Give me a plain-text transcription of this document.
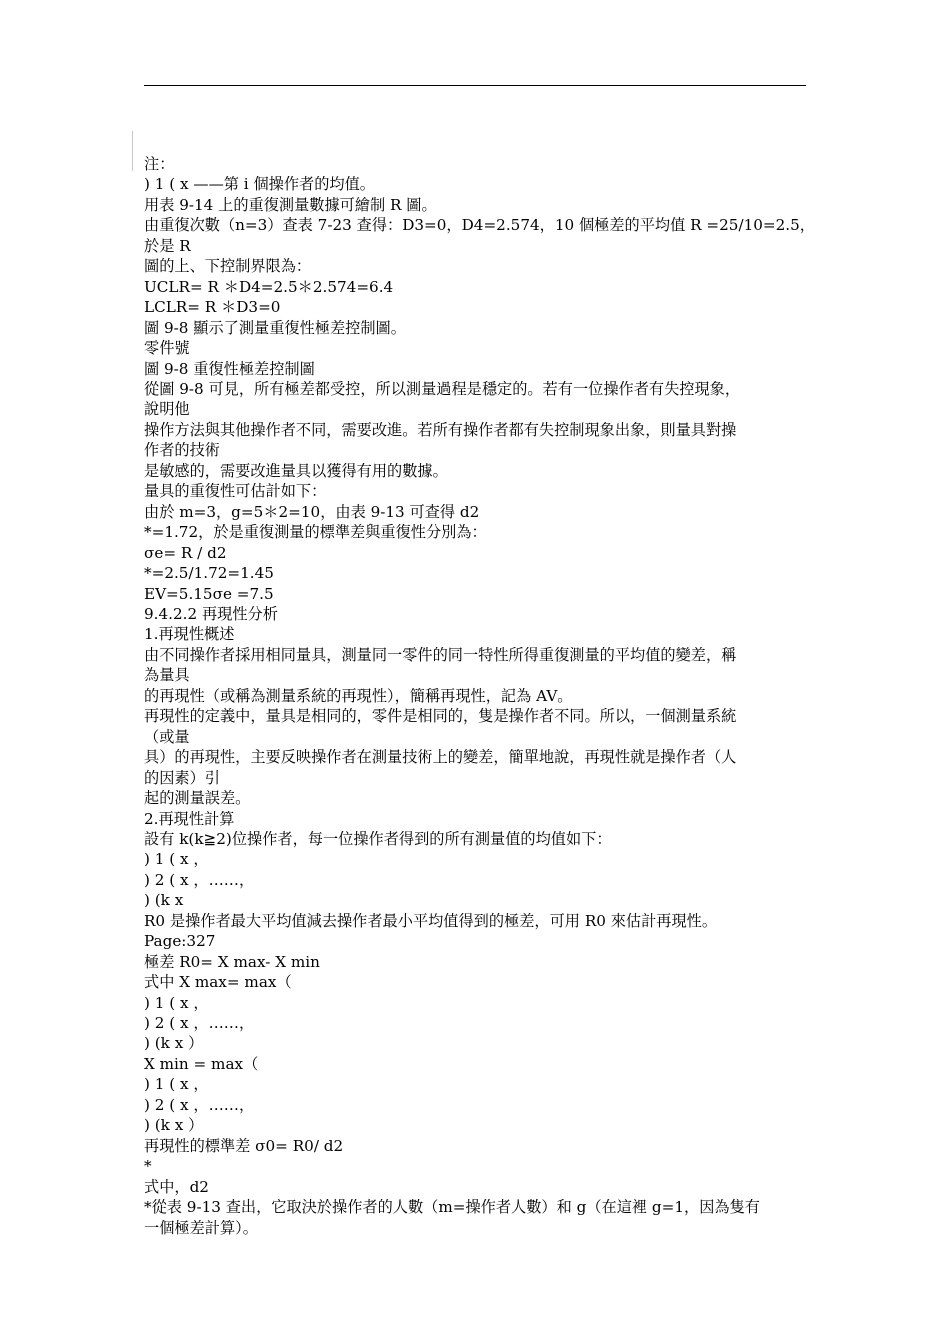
注：
) 1 ( x ——第 i 個操作者的均值。
用表 9-14 上的重復測量數據可繪制 R 圖。
由重復次數（n=3）查表 7-23 查得：D3=0，D4=2.574，10 個極差的平均值 R =25/10=2.5，
於是 R
圖的上、下控制界限為：
UCLR= R ＊D4=2.5＊2.574=6.4
LCLR= R ＊D3=0
圖 9-8 顯示了測量重復性極差控制圖。
零件號
圖 9-8 重復性極差控制圖
從圖 9-8 可見，所有極差都受控，所以測量過程是穩定的。若有一位操作者有失控現象，
說明他
操作方法與其他操作者不同，需要改進。若所有操作者都有失控制現象出象，則量具對操
作者的技術
是敏感的，需要改進量具以獲得有用的數據。
量具的重復性可估計如下：
由於 m=3，g=5＊2=10，由表 9-13 可查得 d2
*=1.72，於是重復測量的標準差與重復性分別為：
σe= R / d2
*=2.5/1.72=1.45
EV=5.15σe =7.5
9.4.2.2 再現性分析
1.再現性概述
由不同操作者採用相同量具，測量同一零件的同一特性所得重復測量的平均值的變差，稱
為量具
的再現性（或稱為測量系統的再現性），簡稱再現性，記為 AV。
再現性的定義中，量具是相同的，零件是相同的，隻是操作者不同。所以，一個測量系統
（或量
具）的再現性，主要反映操作者在測量技術上的變差，簡單地說，再現性就是操作者（人
的因素）引
起的測量誤差。
2.再現性計算
設有 k(k≧2)位操作者，每一位操作者得到的所有測量值的均值如下：
) 1 ( x ，
) 2 ( x ，……，
) (k x
R0 是操作者最大平均值減去操作者最小平均值得到的極差，可用 R0 來估計再現性。
Page:327
極差 R0= X max- X min
式中 X max= max（
) 1 ( x ，
) 2 ( x ，……，
) (k x ）
X min = max（
) 1 ( x ，
) 2 ( x ，……，
) (k x ）
再現性的標準差 σ0= R0/ d2
*
式中，d2
*從表 9-13 查出，它取決於操作者的人數（m=操作者人數）和 g（在這裡 g=1，因為隻有
一個極差計算）。
